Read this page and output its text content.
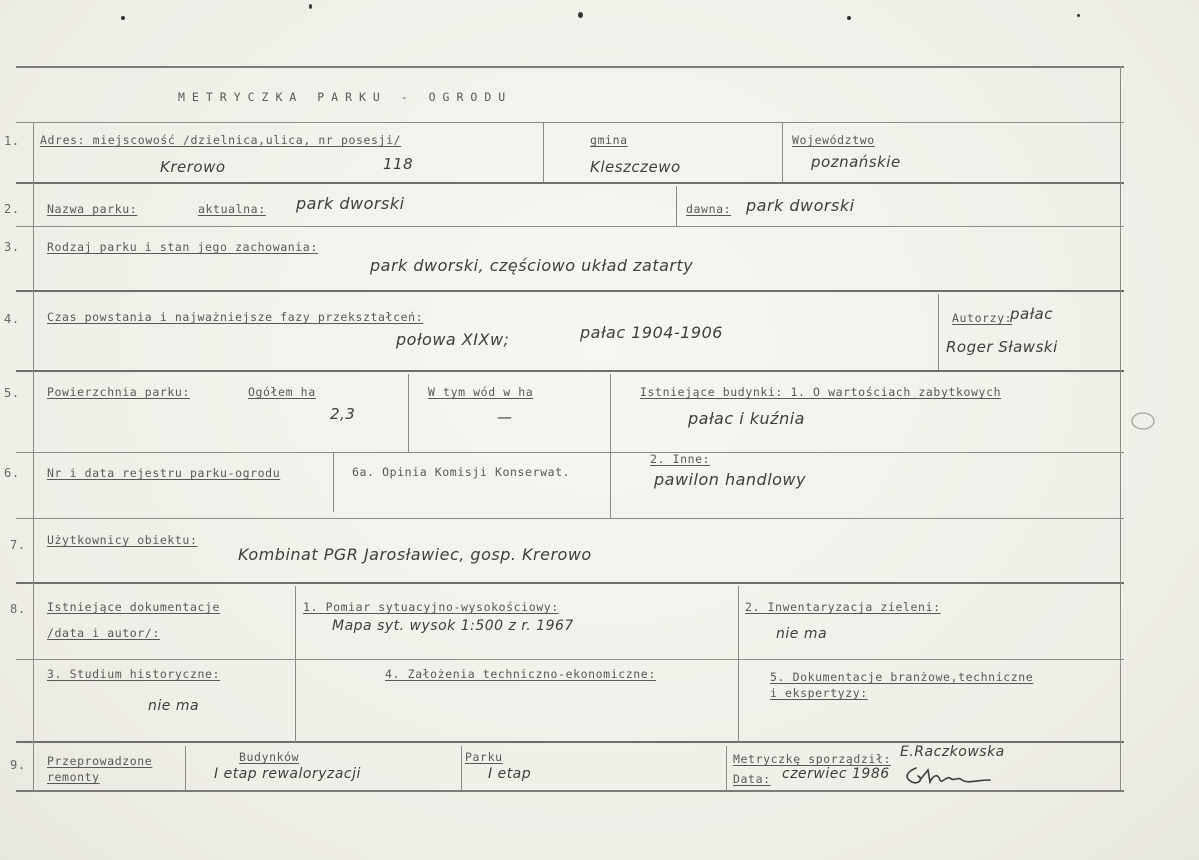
METRYCZKA PARKU - OGRODU
1. Adres: miejscowość /dzielnica,ulica, nr posesji/
Krerowo	118
gmina
Kleszczewo
Województwo
poznańskie
2. Nazwa parku:	aktualna: park dworski	dawna: park dworski
3. Rodzaj parku i stan jego zachowania:
park dworski, częściowo układ zatarty
4. Czas powstania i najważniejsze fazy przekształceń:
połowa XIXw;	pałac 1904-1906
Autorzy:
pałac
Roger Sławski
5. Powierzchnia parku:	Ogółem ha
2,3
W tym wód w ha
—
Istniejące budynki: 1. O wartościach zabytkowych
pałac i kuźnia
6. Nr i data rejestru parku-ogrodu	6a. Opinia Komisji Konserwat.
2. Inne:
pawilon handlowy
7. Użytkownicy obiektu:
Kombinat PGR Jarosławiec, gosp. Krerowo
8. Istniejące dokumentacje
/data i autor/:
1. Pomiar sytuacyjno-wysokościowy:
Mapa syt. wysok 1:500 z r. 1967
2. Inwentaryzacja zieleni:
nie ma
3. Studium historyczne:
nie ma
4. Założenia techniczno-ekonomiczne:	5. Dokumentacje branżowe,techniczne
i ekspertyzy:
9. Przeprowadzone
remonty
Budynków
I etap rewaloryzacji
Parku
I etap
Metryczkę sporządził: E.Raczkowska
Data: czerwiec 1986
